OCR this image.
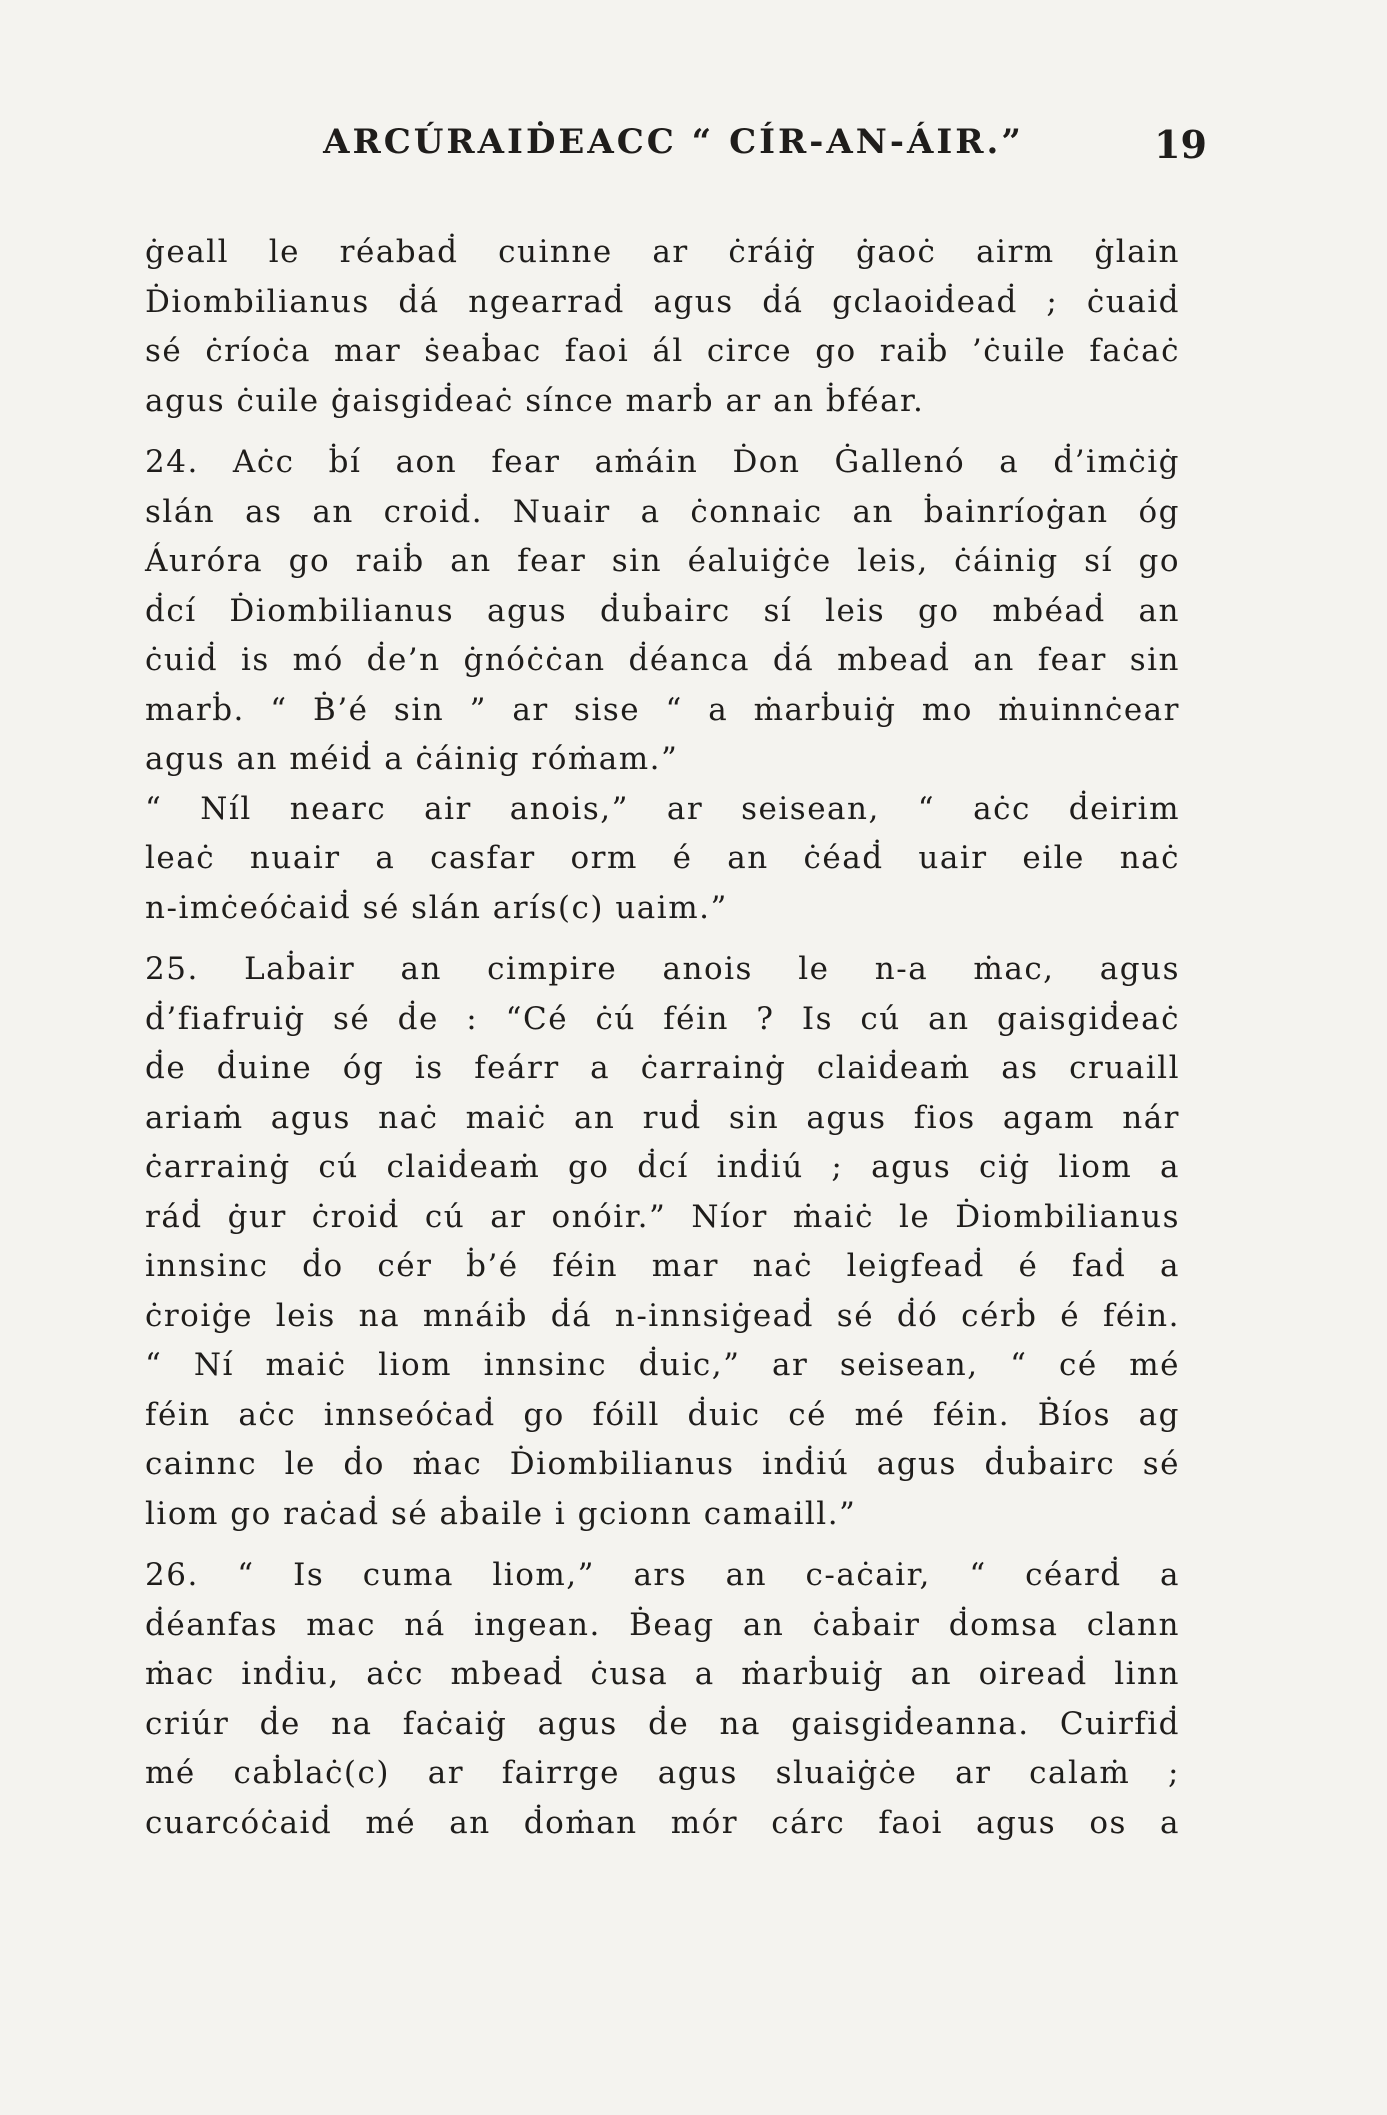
ARCÚRAIḊEACC “ CÍR-AN-ÁIR.”	19
ġeall le réabaḋ cuinne ar ċráiġ ġaoċ airm ġlain
Ḋiombilianus ḋá ngearraḋ agus ḋá gclaoiḋeaḋ ; ċuaiḋ
sé ċríoċa mar ṡeaḃac faoi ál circe go raiḃ ’ċuile faċaċ
agus ċuile ġaisgiḋeaċ sínce marḃ ar an ḃféar.
24. Aċc ḃí aon fear aṁáin Ḋon Ġallenó a ḋ’imċiġ
slán as an croiḋ. Nuair a ċonnaic an ḃainríoġan óg
Áuróra go raiḃ an fear sin éaluiġċe leis, ċáinig sí go
ḋcí Ḋiombilianus agus ḋuḃairc sí leis go mbéaḋ an
ċuiḋ is mó ḋe’n ġnóċċan ḋéanca ḋá mbeaḋ an fear sin
marḃ. “ Ḃ’é sin ” ar sise “ a ṁarḃuiġ mo ṁuinnċear
agus an méiḋ a ċáinig róṁam.”
“ Níl nearc air anois,” ar seisean, “ aċc ḋeirim
leaċ nuair a casfar orm é an ċéaḋ uair eile naċ
n-imċeóċaiḋ sé slán arís(c) uaim.”
25. Laḃair an cimpire anois le n-a ṁac, agus
ḋ’fiafruiġ sé ḋe : “Cé ċú féin ? Is cú an gaisgiḋeaċ
ḋe ḋuine óg is feárr a ċarrainġ claiḋeaṁ as cruaill
ariaṁ agus naċ maiċ an ruḋ sin agus fios agam nár
ċarrainġ cú claiḋeaṁ go ḋcí inḋiú ; agus ciġ liom a
ráḋ ġur ċroiḋ cú ar onóir.” Níor ṁaiċ le Ḋiombilianus
innsinc ḋo cér ḃ’é féin mar naċ leigfeaḋ é faḋ a
ċroiġe leis na mnáiḃ ḋá n-innsiġeaḋ sé ḋó cérḃ é féin.
“ Ní maiċ liom innsinc ḋuic,” ar seisean, “ cé mé
féin aċc innseóċaḋ go fóill ḋuic cé mé féin. Ḃíos ag
cainnc le ḋo ṁac Ḋiombilianus inḋiú agus ḋuḃairc sé
liom go raċaḋ sé aḃaile i gcionn camaill.”
26. “ Is cuma liom,” ars an c-aċair, “ céarḋ a
ḋéanfas mac ná ingean. Ḃeag an ċaḃair ḋomsa clann
ṁac inḋiu, aċc mbeaḋ ċusa a ṁarḃuiġ an oireaḋ linn
criúr ḋe na faċaiġ agus ḋe na gaisgiḋeanna. Cuirfiḋ
mé caḃlaċ(c) ar fairrge agus sluaiġċe ar calaṁ ;
cuarcóċaiḋ mé an ḋoṁan mór cárc faoi agus os a
